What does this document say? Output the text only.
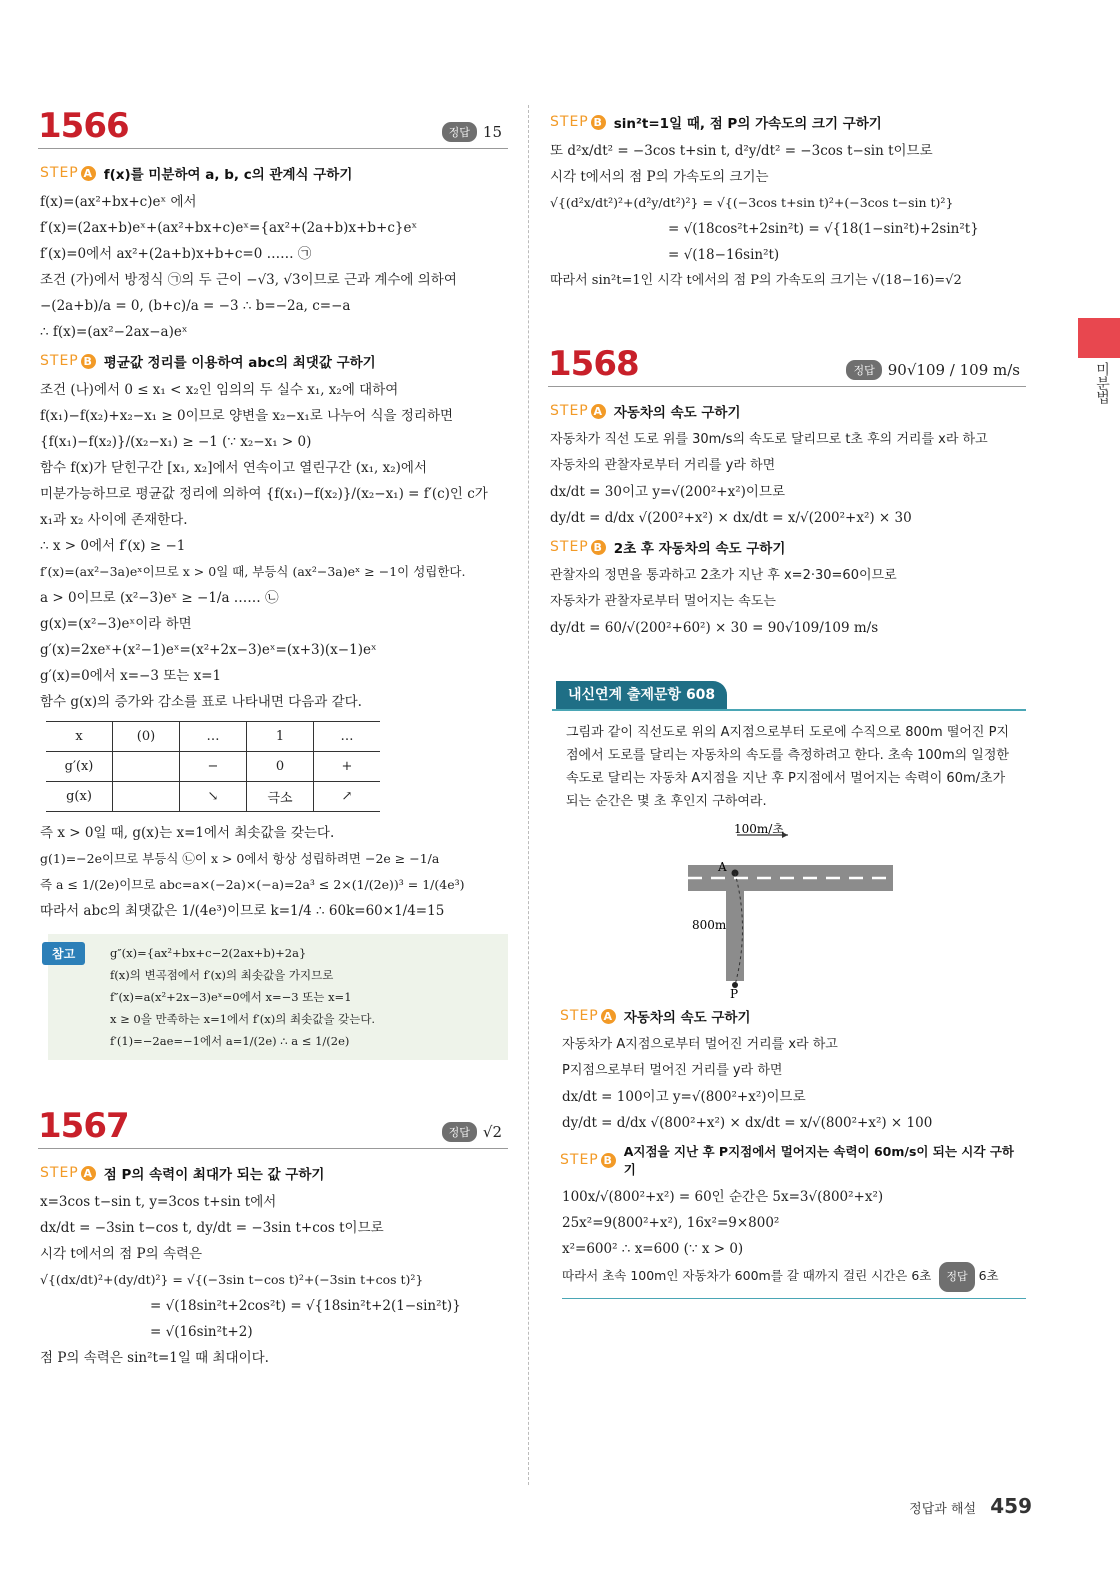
1566	정답 15
STEP A f(x)를 미분하여 a, b, c의 관계식 구하기
f(x)=(ax²+bx+c)eˣ 에서
f′(x)=(2ax+b)eˣ+(ax²+bx+c)eˣ={ax²+(2a+b)x+b+c}eˣ
f′(x)=0에서 ax²+(2a+b)x+b+c=0 …… ㉠
조건 (가)에서 방정식 ㉠의 두 근이 −√3, √3이므로 근과 계수에 의하여
−(2a+b)/a = 0, (b+c)/a = −3 ∴ b=−2a, c=−a
∴ f(x)=(ax²−2ax−a)eˣ
STEP B 평균값 정리를 이용하여 abc의 최댓값 구하기
조건 (나)에서 0 ≤ x₁ < x₂인 임의의 두 실수 x₁, x₂에 대하여
f(x₁)−f(x₂)+x₂−x₁ ≥ 0이므로 양변을 x₂−x₁로 나누어 식을 정리하면
{f(x₁)−f(x₂)}/(x₂−x₁) ≥ −1 (∵ x₂−x₁ > 0)
함수 f(x)가 닫힌구간 [x₁, x₂]에서 연속이고 열린구간 (x₁, x₂)에서
미분가능하므로 평균값 정리에 의하여 {f(x₁)−f(x₂)}/(x₂−x₁) = f′(c)인 c가
x₁과 x₂ 사이에 존재한다.
∴ x > 0에서 f′(x) ≥ −1
f′(x)=(ax²−3a)eˣ이므로 x > 0일 때, 부등식 (ax²−3a)eˣ ≥ −1이 성립한다.
a > 0이므로 (x²−3)eˣ ≥ −1/a …… ㉡
g(x)=(x²−3)eˣ이라 하면
g′(x)=2xeˣ+(x²−1)eˣ=(x²+2x−3)eˣ=(x+3)(x−1)eˣ
g′(x)=0에서 x=−3 또는 x=1
함수 g(x)의 증가와 감소를 표로 나타내면 다음과 같다.
x	(0)	…	1	…
g′(x)		−	0	+
g(x)		↘	극소	↗
즉 x > 0일 때, g(x)는 x=1에서 최솟값을 갖는다.
g(1)=−2e이므로 부등식 ㉡이 x > 0에서 항상 성립하려면 −2e ≥ −1/a
즉 a ≤ 1/(2e)이므로 abc=a×(−2a)×(−a)=2a³ ≤ 2×(1/(2e))³ = 1/(4e³)
따라서 abc의 최댓값은 1/(4e³)이므로 k=1/4 ∴ 60k=60×1/4=15
참고	g″(x)={ax²+bx+c−2(2ax+b)+2a}
f(x)의 변곡점에서 f′(x)의 최솟값을 가지므로
f″(x)=a(x²+2x−3)eˣ=0에서 x=−3 또는 x=1
x ≥ 0을 만족하는 x=1에서 f′(x)의 최솟값을 갖는다.
f′(1)=−2ae=−1에서 a=1/(2e) ∴ a ≤ 1/(2e)
1567	정답 √2
STEP A 점 P의 속력이 최대가 되는 값 구하기
x=3cos t−sin t, y=3cos t+sin t에서
dx/dt = −3sin t−cos t, dy/dt = −3sin t+cos t이므로
시각 t에서의 점 P의 속력은
√{(dx/dt)²+(dy/dt)²} = √{(−3sin t−cos t)²+(−3sin t+cos t)²}
= √(18sin²t+2cos²t) = √{18sin²t+2(1−sin²t)}
= √(16sin²t+2)
점 P의 속력은 sin²t=1일 때 최대이다.
STEP B sin²t=1일 때, 점 P의 가속도의 크기 구하기
또 d²x/dt² = −3cos t+sin t, d²y/dt² = −3cos t−sin t이므로
시각 t에서의 점 P의 가속도의 크기는
√{(d²x/dt²)²+(d²y/dt²)²} = √{(−3cos t+sin t)²+(−3cos t−sin t)²}
= √(18cos²t+2sin²t) = √{18(1−sin²t)+2sin²t}
= √(18−16sin²t)
따라서 sin²t=1인 시각 t에서의 점 P의 가속도의 크기는 √(18−16)=√2
1568	정답 90√109 / 109 m/s
STEP A 자동차의 속도 구하기
자동차가 직선 도로 위를 30m/s의 속도로 달리므로 t초 후의 거리를 x라 하고
자동차의 관찰자로부터 거리를 y라 하면
dx/dt = 30이고 y=√(200²+x²)이므로
dy/dt = d/dx √(200²+x²) × dx/dt = x/√(200²+x²) × 30
STEP B 2초 후 자동차의 속도 구하기
관찰자의 정면을 통과하고 2초가 지난 후 x=2·30=60이므로
자동차가 관찰자로부터 멀어지는 속도는
dy/dt = 60/√(200²+60²) × 30 = 90√109/109 m/s
내신연계 출제문항 608
그림과 같이 직선도로 위의 A지점으로부터 도로에 수직으로 800m 떨어진 P지점에서 도로를 달리는 자동차의 속도를 측정하려고 한다. 초속 100m의 일정한 속도로 달리는 자동차 A지점을 지난 후 P지점에서 멀어지는 속력이 60m/초가 되는 순간은 몇 초 후인지 구하여라.
100m/초
A
P
800m
STEP A 자동차의 속도 구하기
자동차가 A지점으로부터 멀어진 거리를 x라 하고
P지점으로부터 멀어진 거리를 y라 하면
dx/dt = 100이고 y=√(800²+x²)이므로
dy/dt = d/dx √(800²+x²) × dx/dt = x/√(800²+x²) × 100
STEP B
A지점을 지난 후 P지점에서 멀어지는 속력이 60m/s이 되는 시각 구하기
100x/√(800²+x²) = 60인 순간은 5x=3√(800²+x²)
25x²=9(800²+x²), 16x²=9×800²
x²=600² ∴ x=600 (∵ x > 0)
따라서 초속 100m인 자동차가 600m를 갈 때까지 걸린 시간은 6초 정답 6초
미분법
정답과 해설 459
